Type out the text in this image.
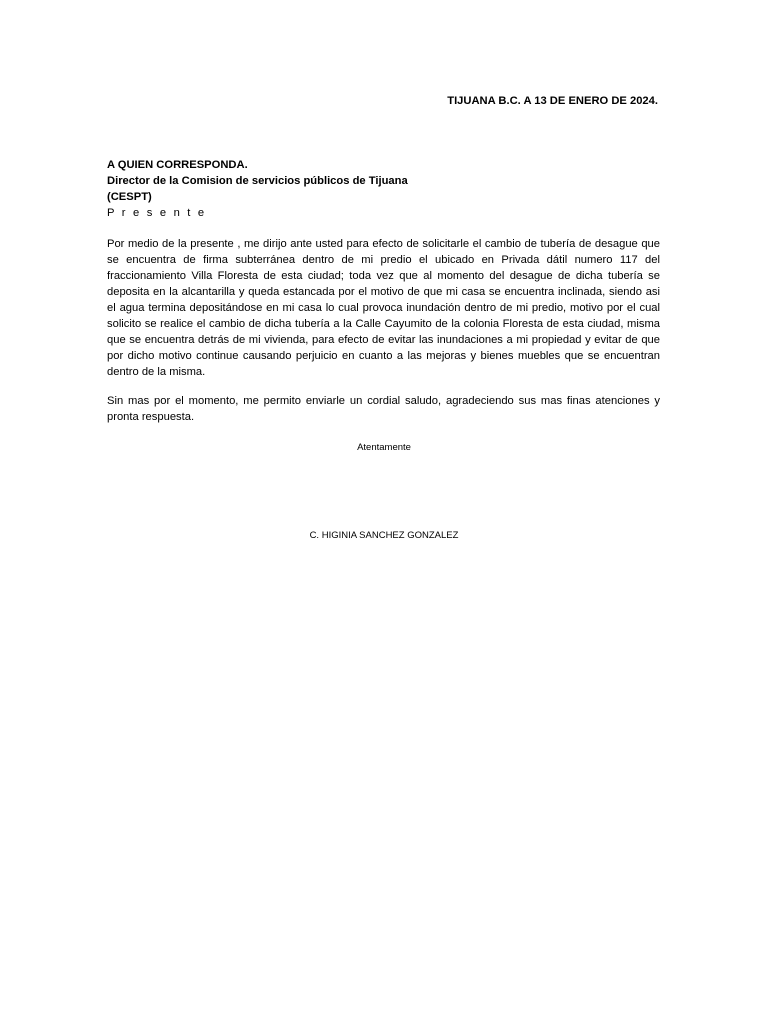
TIJUANA B.C. A 13 DE ENERO DE 2024.
A QUIEN CORRESPONDA.
Director de la Comision de servicios públicos de Tijuana
(CESPT)
P r e s e n t e

Por medio de la presente , me dirijo ante usted para efecto de solicitarle el cambio de tubería de desague que se encuentra de firma subterránea dentro de mi predio el ubicado en Privada dátil numero 117 del fraccionamiento Villa Floresta de esta ciudad; toda vez que al momento del desague de dicha tubería se deposita en la alcantarilla y queda estancada por el motivo de que mi casa se encuentra inclinada, siendo asi el agua termina depositándose en mi casa lo cual provoca inundación dentro de mi predio, motivo por el cual solicito se realice el cambio de dicha tubería a la Calle Cayumito de la colonia Floresta de esta ciudad, misma que se encuentra detrás de mi vivienda, para efecto de evitar las inundaciones a mi propiedad y evitar de que por dicho motivo continue causando perjuicio en cuanto a las mejoras y bienes muebles que se encuentran dentro de la misma.

Sin mas por el momento, me permito enviarle un cordial saludo, agradeciendo sus mas finas atenciones y pronta respuesta.

Atentamente
C. HIGINIA SANCHEZ GONZALEZ
